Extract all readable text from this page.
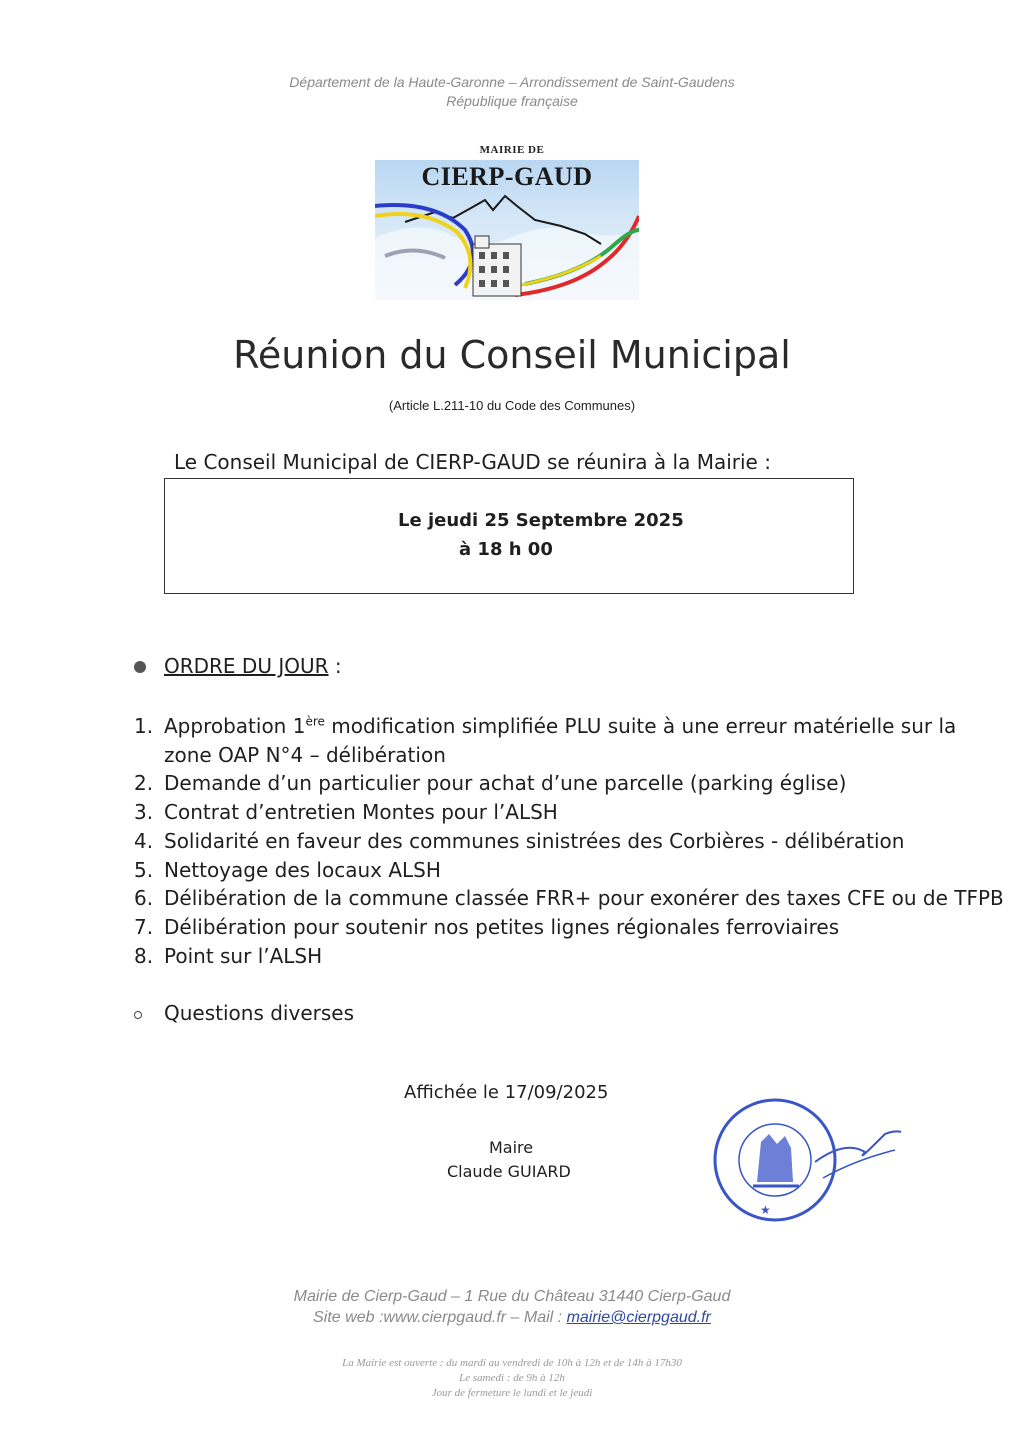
Département de la Haute-Garonne – Arrondissement de Saint-Gaudens
République française
MAIRIE DE
CIERP-GAUD
Réunion du Conseil Municipal
(Article L.211-10 du Code des Communes)
Le Conseil Municipal de CIERP-GAUD se réunira à la Mairie :
Le jeudi 25 Septembre 2025
à 18 h 00
ORDRE DU JOUR :
1. Approbation 1ère modification simplifiée PLU suite à une erreur matérielle sur la
zone OAP N°4 – délibération
2. Demande d’un particulier pour achat d’une parcelle (parking église)
3. Contrat d’entretien Montes pour l’ALSH
4. Solidarité en faveur des communes sinistrées des Corbières - délibération
5. Nettoyage des locaux ALSH
6. Délibération de la commune classée FRR+ pour exonérer des taxes CFE ou de TFPB
7. Délibération pour soutenir nos petites lignes régionales ferroviaires
8. Point sur l’ALSH
Questions diverses
Affichée le 17/09/2025
Maire
Claude GUIARD
★
Mairie de Cierp-Gaud – 1 Rue du Château 31440 Cierp-Gaud
Site web :www.cierpgaud.fr – Mail : mairie@cierpgaud.fr
La Mairie est ouverte : du mardi au vendredi de 10h à 12h et de 14h à 17h30
Le samedi : de 9h à 12h
Jour de fermeture le lundi et le jeudi
